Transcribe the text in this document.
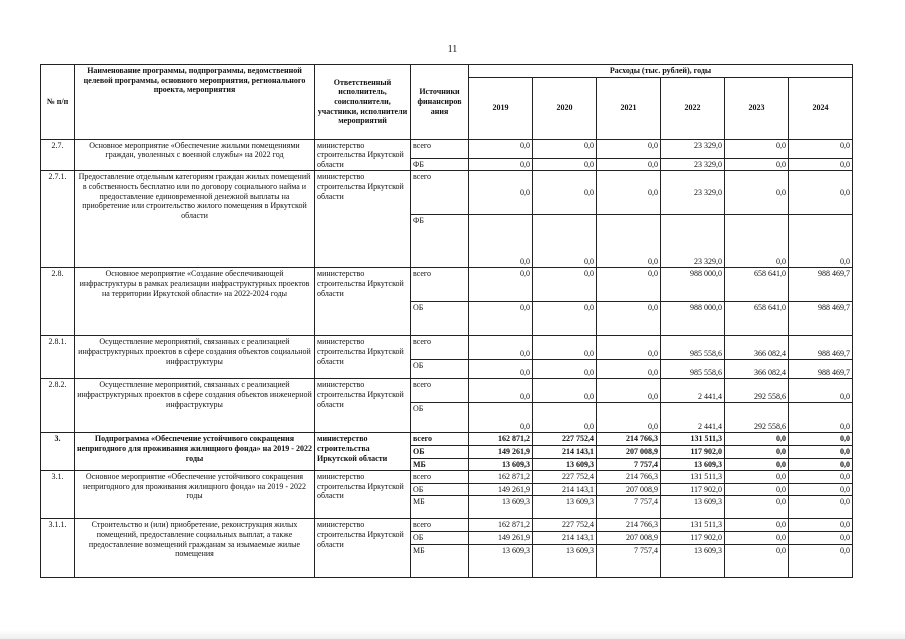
11
№ п/п	Наименование программы, подпрограммы, ведомственной целевой программы, основного мероприятия, регионального проекта, мероприятия	Ответственный исполнитель, соисполнители, участники, исполнители мероприятий	Источники финансиров ания	Расходы (тыс. рублей), годы					
				2019	2020	2021	2022	2023	2024
2.7.	Основное мероприятие «Обеспечение жилыми помещениями граждан, уволенных с военной службы» на 2022 год	министерство строительства Иркутской области	всего	0,0	0,0	0,0	23 329,0	0,0	0,0
			ФБ	0,0	0,0	0,0	23 329,0	0,0	0,0
2.7.1.	Предоставление отдельным категориям граждан жилых помещений в собственность бесплатно или по договору социального найма и предоставление единовременной денежной выплаты на приобретение или строительство жилого помещения в Иркутской области	министерство строительства Иркутской области	всего	0,0	0,0	0,0	23 329,0	0,0	0,0
			ФБ	0,0	0,0	0,0	23 329,0	0,0	0,0
2.8.	Основное мероприятие «Создание обеспечивающей инфраструктуры в рамках реализации инфраструктурных проектов на территории Иркутской области» на 2022-2024 годы	министерство строительства Иркутской области	всего	0,0	0,0	0,0	988 000,0	658 641,0	988 469,7
			ОБ	0,0	0,0	0,0	988 000,0	658 641,0	988 469,7
2.8.1.	Осуществление мероприятий, связанных с реализацией инфраструктурных проектов в сфере создания объектов социальной инфраструктуры	министерство строительства Иркутской области	всего	0,0	0,0	0,0	985 558,6	366 082,4	988 469,7
			ОБ	0,0	0,0	0,0	985 558,6	366 082,4	988 469,7
2.8.2.	Осуществление мероприятий, связанных с реализацией инфраструктурных проектов в сфере создания объектов инженерной инфраструктуры	министерство строительства Иркутской области	всего	0,0	0,0	0,0	2 441,4	292 558,6	0,0
			ОБ	0,0	0,0	0,0	2 441,4	292 558,6	0,0
3.	Подпрограмма «Обеспечение устойчивого сокращения непригодного для проживания жилищного фонда» на 2019 - 2022 годы	министерство строительства Иркутской области	всего	162 871,2	227 752,4	214 766,3	131 511,3	0,0	0,0
			ОБ	149 261,9	214 143,1	207 008,9	117 902,0	0,0	0,0
			МБ	13 609,3	13 609,3	7 757,4	13 609,3	0,0	0,0
3.1.	Основное мероприятие «Обеспечение устойчивого сокращения непригодного для проживания жилищного фонда» на 2019 - 2022 годы	министерство строительства Иркутской области	всего	162 871,2	227 752,4	214 766,3	131 511,3	0,0	0,0
			ОБ	149 261,9	214 143,1	207 008,9	117 902,0	0,0	0,0
			МБ	13 609,3	13 609,3	7 757,4	13 609,3	0,0	0,0
3.1.1.	Строительство и (или) приобретение, реконструкция жилых помещений, предоставление социальных выплат, а также предоставление возмещений гражданам за изымаемые жилые помещения	министерство строительства Иркутской области	всего	162 871,2	227 752,4	214 766,3	131 511,3	0,0	0,0
			ОБ	149 261,9	214 143,1	207 008,9	117 902,0	0,0	0,0
			МБ	13 609,3	13 609,3	7 757,4	13 609,3	0,0	0,0
